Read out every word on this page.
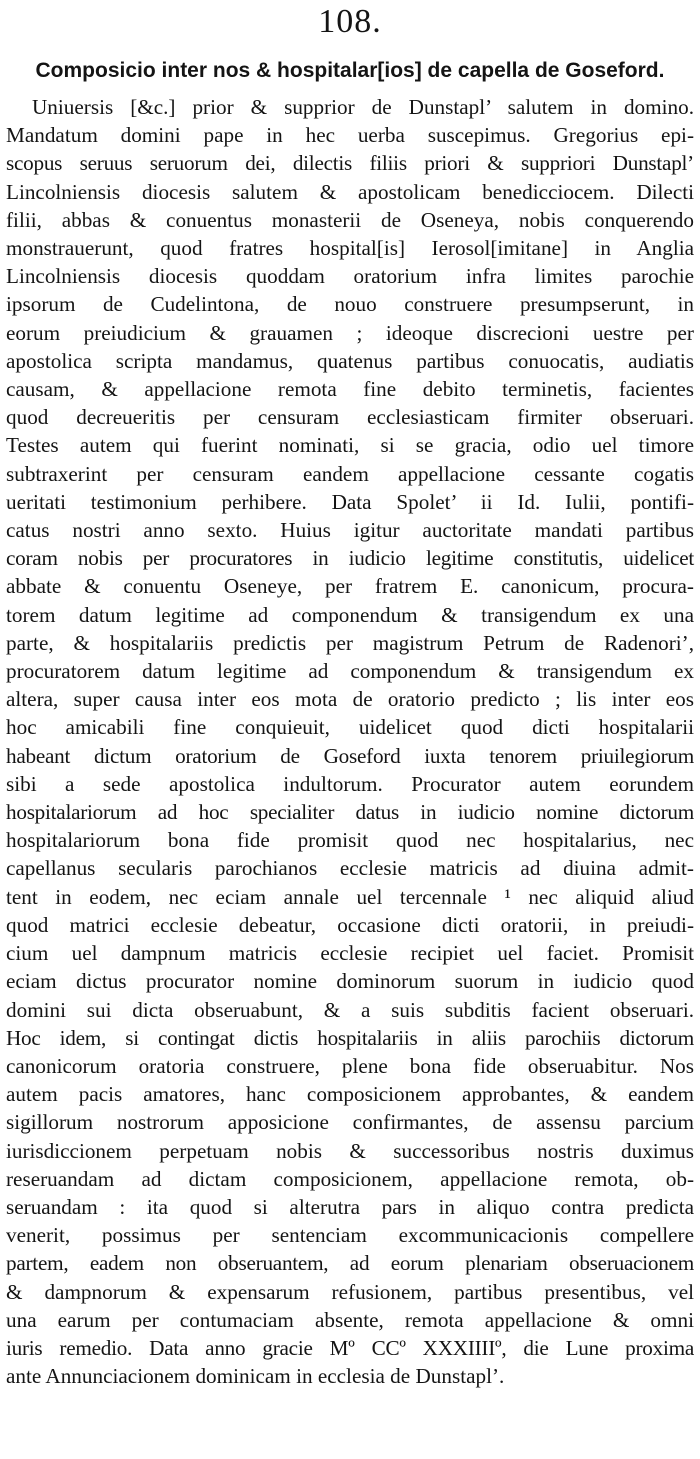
108.
Composicio inter nos & hospitalar[ios] de capella de Goseford.
Uniuersis [&c.] prior & supprior de Dunstapl’ salutem in domino.
Mandatum domini pape in hec uerba suscepimus. Gregorius epi-
scopus seruus seruorum dei, dilectis filiis priori & suppriori Dunstapl’
Lincolniensis diocesis salutem & apostolicam benedicciocem. Dilecti
filii, abbas & conuentus monasterii de Oseneya, nobis conquerendo
monstrauerunt, quod fratres hospital[is] Ierosol[imitane] in Anglia
Lincolniensis diocesis quoddam oratorium infra limites parochie
ipsorum de Cudelintona, de nouo construere presumpserunt, in
eorum preiudicium & grauamen ; ideoque discrecioni uestre per
apostolica scripta mandamus, quatenus partibus conuocatis, audiatis
causam, & appellacione remota fine debito terminetis, facientes
quod decreueritis per censuram ecclesiasticam firmiter obseruari.
Testes autem qui fuerint nominati, si se gracia, odio uel timore
subtraxerint per censuram eandem appellacione cessante cogatis
ueritati testimonium perhibere. Data Spolet’ ii Id. Iulii, pontifi-
catus nostri anno sexto. Huius igitur auctoritate mandati partibus
coram nobis per procuratores in iudicio legitime constitutis, uidelicet
abbate & conuentu Oseneye, per fratrem E. canonicum, procura-
torem datum legitime ad componendum & transigendum ex una
parte, & hospitalariis predictis per magistrum Petrum de Radenori’,
procuratorem datum legitime ad componendum & transigendum ex
altera, super causa inter eos mota de oratorio predicto ; lis inter eos
hoc amicabili fine conquieuit, uidelicet quod dicti hospitalarii
habeant dictum oratorium de Goseford iuxta tenorem priuilegiorum
sibi a sede apostolica indultorum. Procurator autem eorundem
hospitalariorum ad hoc specialiter datus in iudicio nomine dictorum
hospitalariorum bona fide promisit quod nec hospitalarius, nec
capellanus secularis parochianos ecclesie matricis ad diuina admit-
tent in eodem, nec eciam annale uel tercennale ¹ nec aliquid aliud
quod matrici ecclesie debeatur, occasione dicti oratorii, in preiudi-
cium uel dampnum matricis ecclesie recipiet uel faciet. Promisit
eciam dictus procurator nomine dominorum suorum in iudicio quod
domini sui dicta obseruabunt, & a suis subditis facient obseruari.
Hoc idem, si contingat dictis hospitalariis in aliis parochiis dictorum
canonicorum oratoria construere, plene bona fide obseruabitur. Nos
autem pacis amatores, hanc composicionem approbantes, & eandem
sigillorum nostrorum apposicione confirmantes, de assensu parcium
iurisdiccionem perpetuam nobis & successoribus nostris duximus
reseruandam ad dictam composicionem, appellacione remota, ob-
seruandam : ita quod si alterutra pars in aliquo contra predicta
venerit, possimus per sentenciam excommunicacionis compellere
partem, eadem non obseruantem, ad eorum plenariam obseruacionem
& dampnorum & expensarum refusionem, partibus presentibus, vel
una earum per contumaciam absente, remota appellacione & omni
iuris remedio. Data anno gracie Mº CCº XXXIIIIº, die Lune proxima
ante Annunciacionem dominicam in ecclesia de Dunstapl’.
